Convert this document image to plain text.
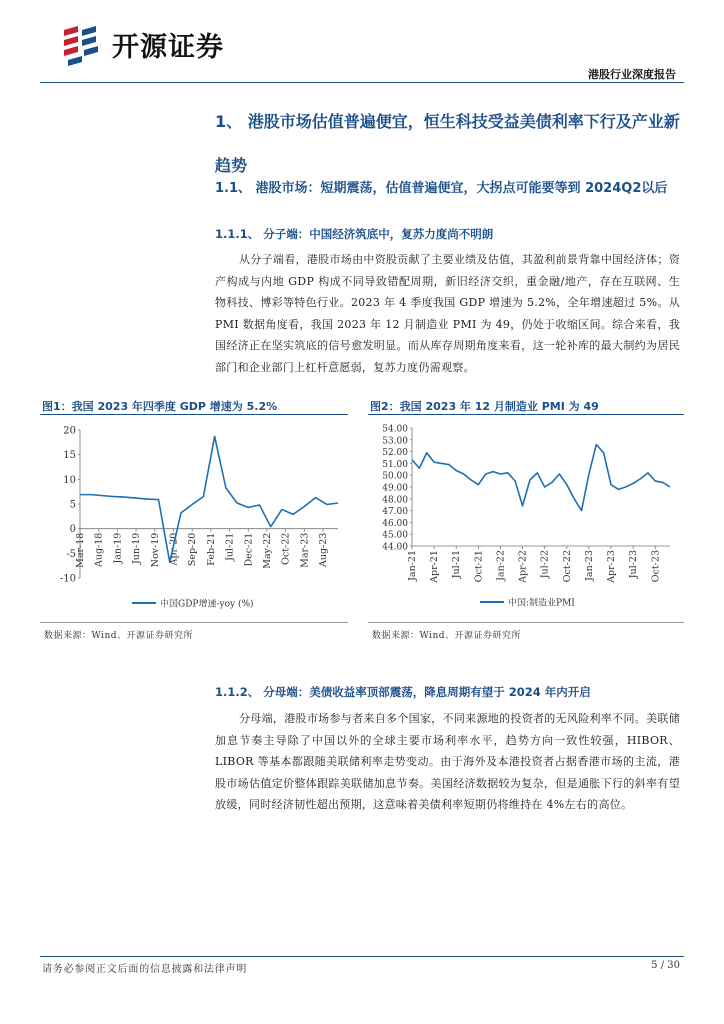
开源证券
港股行业深度报告
1、 港股市场估值普遍便宜，恒生科技受益美债利率下行及产业新趋势
1.1、 港股市场：短期震荡，估值普遍便宜，大拐点可能要等到 2024Q2以后
1.1.1、 分子端：中国经济筑底中，复苏力度尚不明朗
从分子端看，港股市场由中资股贡献了主要业绩及估值，其盈利前景背靠中国经济体；资产构成与内地 GDP 构成不同导致错配周期，新旧经济交织，重金融/地产，存在互联网、生物科技、博彩等特色行业。2023 年 4 季度我国 GDP 增速为 5.2%，全年增速超过 5%。从 PMI 数据角度看，我国 2023 年 12 月制造业 PMI 为 49，仍处于收缩区间。综合来看，我国经济正在坚实筑底的信号愈发明显。而从库存周期角度来看，这一轮补库的最大制约为居民部门和企业部门上杠杆意愿弱，复苏力度仍需观察。
图1：我国 2023 年四季度 GDP 增速为 5.2%	图2：我国 2023 年 12 月制造业 PMI 为 49
-10
-5
0
5
10
15
20
Mar-18 Aug-18 Jan-19 Jun-19 Nov-19 Apr-20 Sep-20 Feb-21 Jul-21 Dec-21 May-22 Oct-22 Mar-23 Aug-23
中国GDP增速-yoy (%)
44.00
45.00
46.00
47.00
48.00
49.00
50.00
51.00
52.00
53.00
54.00
Jan-21 Apr-21 Jul-21 Oct-21 Jan-22 Apr-22 Jul-22 Oct-22 Jan-23 Apr-23 Jul-23 Oct-23
中国:制造业PMI
数据来源：Wind、开源证券研究所	数据来源：Wind、开源证券研究所
1.1.2、 分母端：美债收益率顶部震荡，降息周期有望于 2024 年内开启
分母端，港股市场参与者来自多个国家，不同来源地的投资者的无风险利率不同。美联储加息节奏主导除了中国以外的全球主要市场利率水平，趋势方向一致性较强，HIBOR、LIBOR 等基本都跟随美联储利率走势变动。由于海外及本港投资者占据香港市场的主流，港股市场估值定价整体跟踪美联储加息节奏。美国经济数据较为复杂，但是通胀下行的斜率有望放缓，同时经济韧性超出预期，这意味着美债利率短期仍将维持在 4%左右的高位。
请务必参阅正文后面的信息披露和法律声明	5 / 30
